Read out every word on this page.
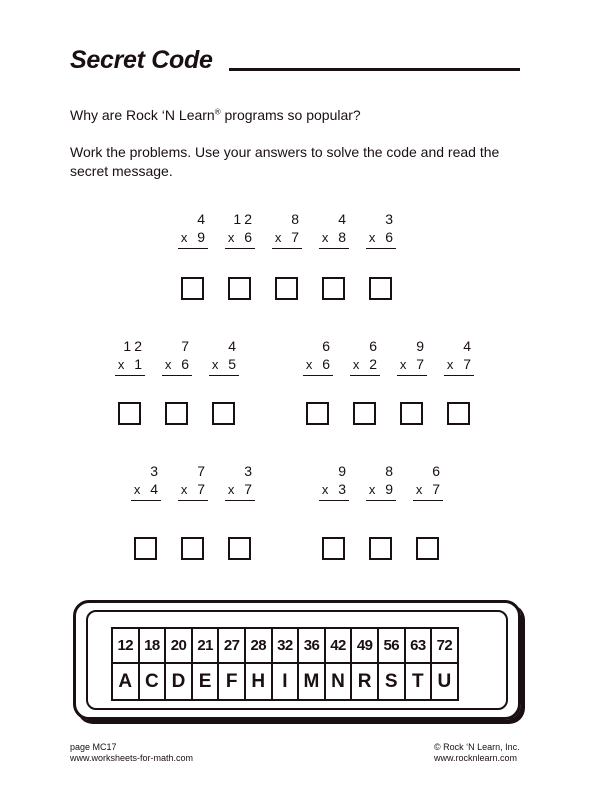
Secret Code
Why are Rock ‘N Learn® programs so popular?
Work the problems. Use your answers to solve the code and read the secret message.
4
x 9
12
x 6
8
x 7
4
x 8
3
x 6
12
x 1
7
x 6
4
x 5
6
x 6
6
x 2
9
x 7
4
x 7
3
x 4
7
x 7
3
x 7
9
x 3
8
x 9
6
x 7
12	18	20	21	27	28	32	36	42	49	56	63	72
A	C	D	E	F	H	I	M	N	R	S	T	U
page MC17
www.worksheets-for-math.com
© Rock ‘N Learn, Inc.
www.rocknlearn.com
